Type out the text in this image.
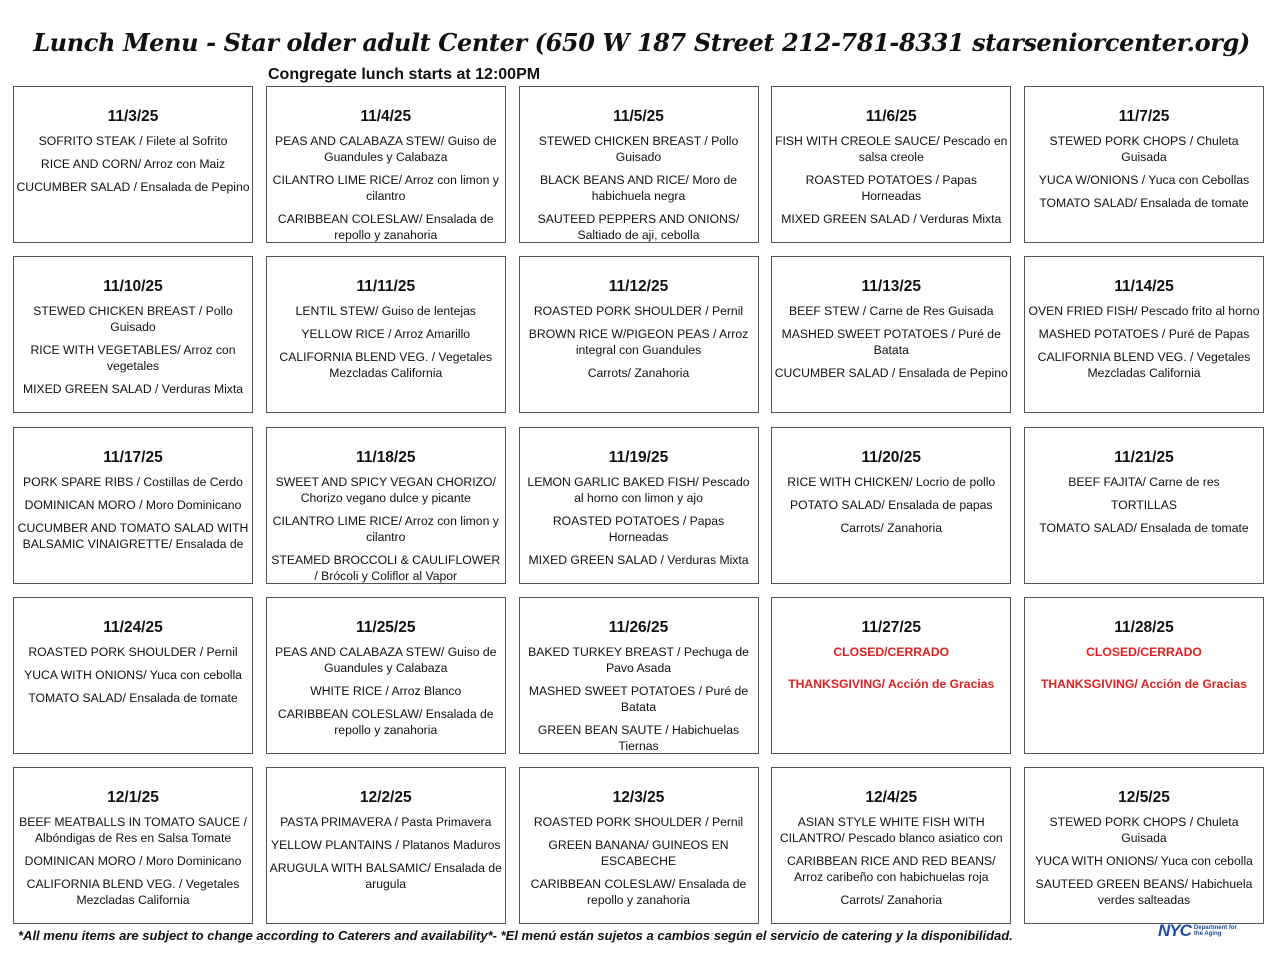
Lunch Menu - Star older adult Center (650 W 187 Street 212-781-8331 starseniorcenter.org)
Congregate lunch starts at 12:00PM
11/3/25
SOFRITO STEAK / Filete al Sofrito
RICE AND CORN/ Arroz con Maiz
CUCUMBER SALAD / Ensalada de Pepino
11/4/25
PEAS AND CALABAZA STEW/ Guiso de Guandules y Calabaza
CILANTRO LIME RICE/ Arroz con limon y cilantro
CARIBBEAN COLESLAW/ Ensalada de repollo y zanahoria
11/5/25
STEWED CHICKEN BREAST / Pollo Guisado
BLACK BEANS AND RICE/ Moro de habichuela negra
SAUTEED PEPPERS AND ONIONS/ Saltiado de aji, cebolla
11/6/25
FISH WITH CREOLE SAUCE/ Pescado en salsa creole
ROASTED POTATOES / Papas Horneadas
MIXED GREEN SALAD / Verduras Mixta
11/7/25
STEWED PORK CHOPS / Chuleta Guisada
YUCA W/ONIONS / Yuca con Cebollas
TOMATO SALAD/ Ensalada de tomate
11/10/25
STEWED CHICKEN BREAST / Pollo Guisado
RICE WITH VEGETABLES/ Arroz con vegetales
MIXED GREEN SALAD / Verduras Mixta
11/11/25
LENTIL STEW/ Guiso de lentejas
YELLOW RICE / Arroz Amarillo
CALIFORNIA BLEND VEG. / Vegetales Mezcladas California
11/12/25
ROASTED PORK SHOULDER / Pernil
BROWN RICE W/PIGEON PEAS / Arroz integral con Guandules
Carrots/ Zanahoria
11/13/25
BEEF STEW / Carne de Res Guisada
MASHED SWEET POTATOES / Puré de Batata
CUCUMBER SALAD / Ensalada de Pepino
11/14/25
OVEN FRIED FISH/ Pescado frito al horno
MASHED POTATOES / Puré de Papas
CALIFORNIA BLEND VEG. / Vegetales Mezcladas California
11/17/25
PORK SPARE RIBS / Costillas de Cerdo
DOMINICAN MORO / Moro Dominicano
CUCUMBER AND TOMATO SALAD WITH BALSAMIC VINAIGRETTE/ Ensalada de
11/18/25
SWEET AND SPICY VEGAN CHORIZO/ Chorizo vegano dulce y picante
CILANTRO LIME RICE/ Arroz con limon y cilantro
STEAMED BROCCOLI & CAULIFLOWER / Brócoli y Coliflor al Vapor
11/19/25
LEMON GARLIC BAKED FISH/ Pescado al horno con limon y ajo
ROASTED POTATOES / Papas Horneadas
MIXED GREEN SALAD / Verduras Mixta
11/20/25
RICE WITH CHICKEN/ Locrio de pollo
POTATO SALAD/ Ensalada de papas
Carrots/ Zanahoria
11/21/25
BEEF FAJITA/ Carne de res
TORTILLAS
TOMATO SALAD/ Ensalada de tomate
11/24/25
ROASTED PORK SHOULDER / Pernil
YUCA WITH ONIONS/ Yuca con cebolla
TOMATO SALAD/ Ensalada de tomate
11/25/25
PEAS AND CALABAZA STEW/ Guiso de Guandules y Calabaza
WHITE RICE / Arroz Blanco
CARIBBEAN COLESLAW/ Ensalada de repollo y zanahoria
11/26/25
BAKED TURKEY BREAST / Pechuga de Pavo Asada
MASHED SWEET POTATOES / Puré de Batata
GREEN BEAN SAUTE / Habichuelas Tiernas
11/27/25
CLOSED/CERRADO
THANKSGIVING/ Acción de Gracias
11/28/25
CLOSED/CERRADO
THANKSGIVING/ Acción de Gracias
12/1/25
BEEF MEATBALLS IN TOMATO SAUCE / Albóndigas de Res en Salsa Tomate
DOMINICAN MORO / Moro Dominicano
CALIFORNIA BLEND VEG. / Vegetales Mezcladas California
12/2/25
PASTA PRIMAVERA / Pasta Primavera
YELLOW PLANTAINS / Platanos Maduros
ARUGULA WITH BALSAMIC/ Ensalada de arugula
12/3/25
ROASTED PORK SHOULDER / Pernil
GREEN BANANA/ GUINEOS EN ESCABECHE
CARIBBEAN COLESLAW/ Ensalada de repollo y zanahoria
12/4/25
ASIAN STYLE WHITE FISH WITH CILANTRO/ Pescado blanco asiatico con
CARIBBEAN RICE AND RED BEANS/ Arroz caribeño con habichuelas roja
Carrots/ Zanahoria
12/5/25
STEWED PORK CHOPS / Chuleta Guisada
YUCA WITH ONIONS/ Yuca con cebolla
SAUTEED GREEN BEANS/ Habichuela verdes salteadas
*All menu items are subject to change according to Caterers and availability*- *El menú están sujetos a cambios según el servicio de catering y la disponibilidad.	NYC Department for
the Aging
